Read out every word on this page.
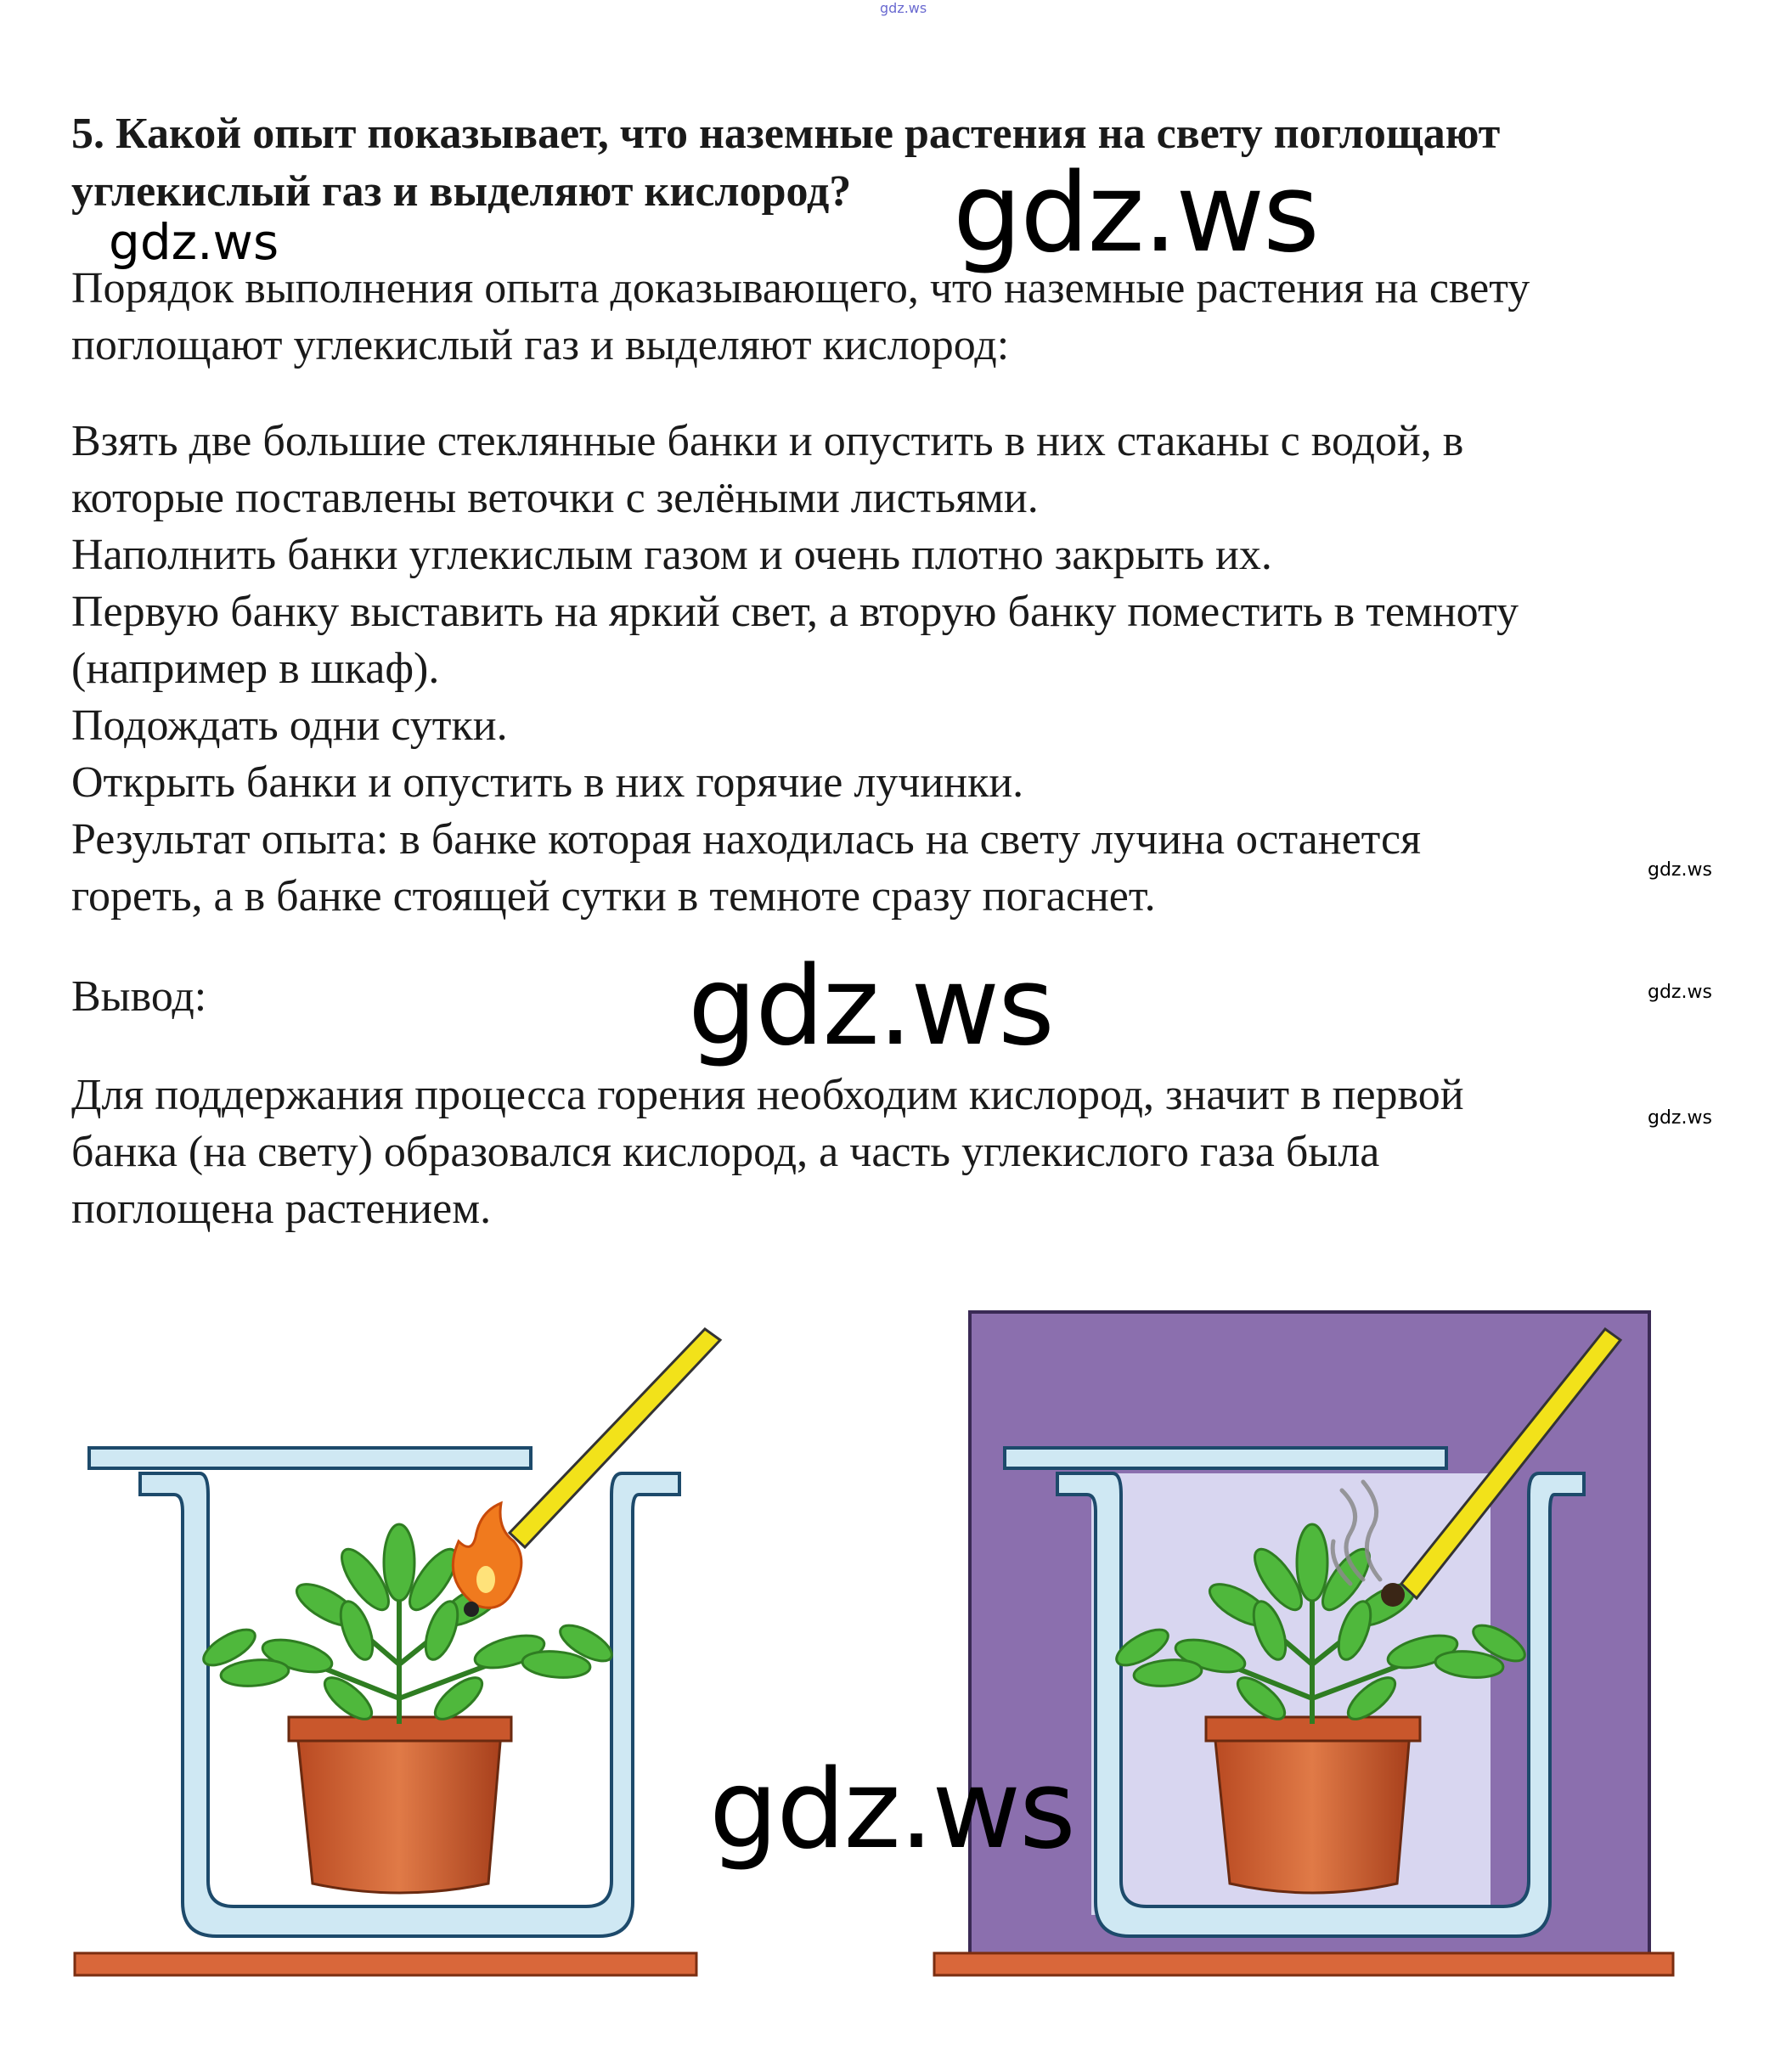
gdz.ws

5. Какой опыт показывает, что наземные растения на свету поглощают углекислый газ и выделяют кислород?

Порядок выполнения опыта доказывающего, что наземные растения на свету
поглощают углекислый газ и выделяют кислород:

Взять две большие стеклянные банки и опустить в них стаканы с водой, в
которые поставлены веточки с зелёными листьями.
Наполнить банки углекислым газом и очень плотно закрыть их.
Первую банку выставить на яркий свет, а вторую банку поместить в темноту
(например в шкаф).
Подождать одни сутки.
Открыть банки и опустить в них горячие лучинки.
Результат опыта: в банке которая находилась на свету лучина останется
гореть, а в банке стоящей сутки в темноте сразу погаснет.

Вывод:

Для поддержания процесса горения необходим кислород, значит в первой
банка (на свету) образовался кислород, а часть углекислого газа была
поглощена растением.

gdz.ws
gdz.ws
gdz.ws
gdz.ws
gdz.ws
gdz.ws
gdz.ws
